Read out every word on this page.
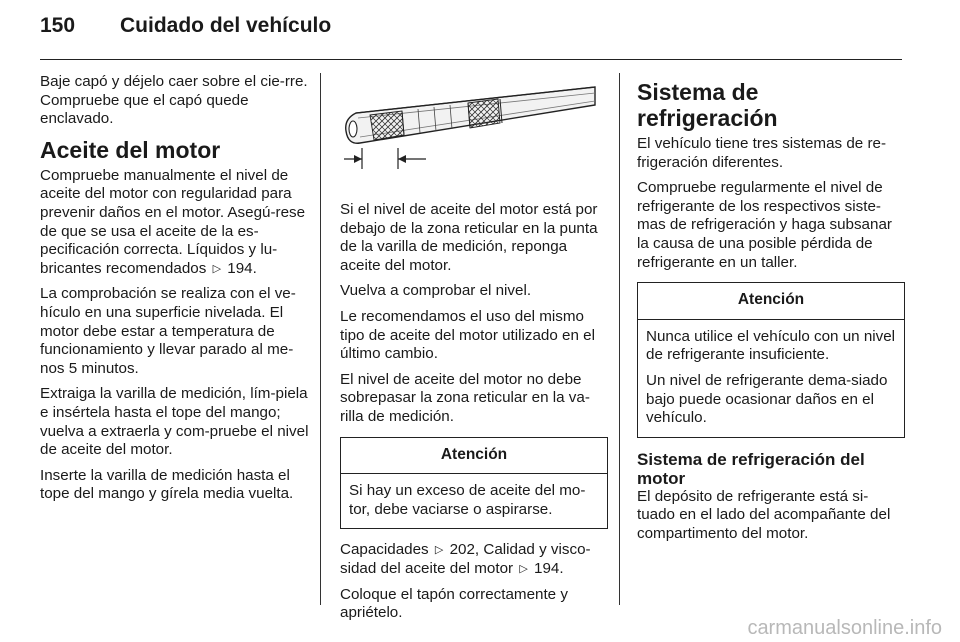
150 Cuidado del vehículo

Baje capó y déjelo caer sobre el cie-rre. Compruebe que el capó quede enclavado.

Aceite del motor

Compruebe manualmente el nivel de aceite del motor con regularidad para prevenir daños en el motor. Asegú-rese de que se usa el aceite de la es-pecificación correcta. Líquidos y lu-bricantes recomendados ▷ 194.

La comprobación se realiza con el ve-hículo en una superficie nivelada. El motor debe estar a temperatura de funcionamiento y llevar parado al me-nos 5 minutos.

Extraiga la varilla de medición, lím-piela e insértela hasta el tope del mango; vuelva a extraerla y com-pruebe el nivel de aceite del motor.

Inserte la varilla de medición hasta el tope del mango y gírela media vuelta.

Si el nivel de aceite del motor está por debajo de la zona reticular en la punta de la varilla de medición, reponga aceite del motor.

Vuelva a comprobar el nivel.

Le recomendamos el uso del mismo tipo de aceite del motor utilizado en el último cambio.

El nivel de aceite del motor no debe sobrepasar la zona reticular en la va-rilla de medición.

Atención

Si hay un exceso de aceite del mo-tor, debe vaciarse o aspirarse.

Capacidades ▷ 202, Calidad y visco-sidad del aceite del motor ▷ 194.

Coloque el tapón correctamente y apriételo.

Sistema de refrigeración

El vehículo tiene tres sistemas de re-frigeración diferentes.

Compruebe regularmente el nivel de refrigerante de los respectivos siste-mas de refrigeración y haga subsanar la causa de una posible pérdida de refrigerante en un taller.

Atención

Nunca utilice el vehículo con un nivel de refrigerante insuficiente.

Un nivel de refrigerante dema-siado bajo puede ocasionar daños en el vehículo.

Sistema de refrigeración del motor

El depósito de refrigerante está si-tuado en el lado del acompañante del compartimento del motor.

carmanualsonline.info
